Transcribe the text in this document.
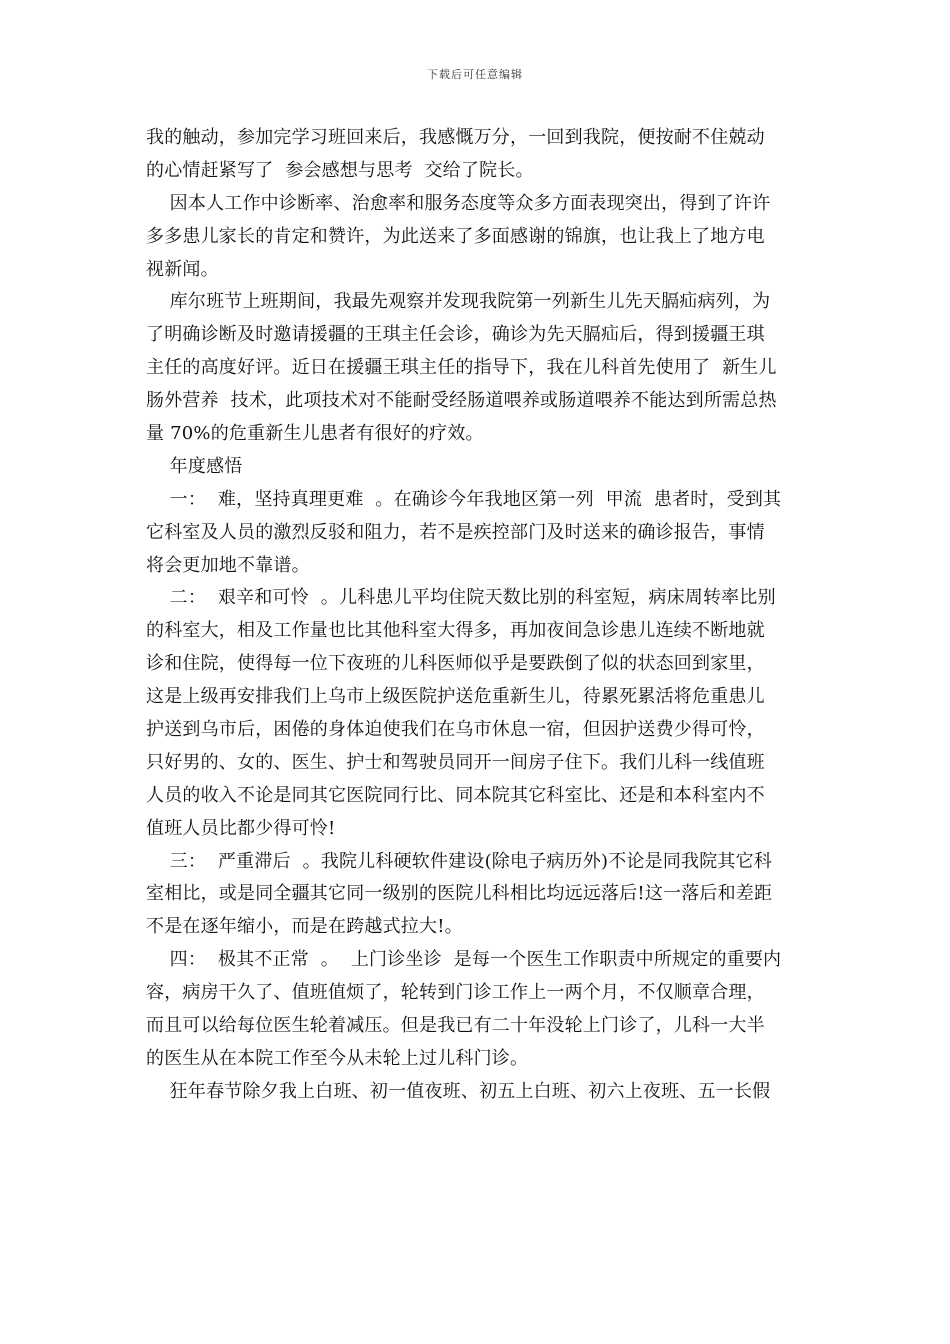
下载后可任意编辑
我的触动，参加完学习班回来后，我感慨万分，一回到我院，便按耐不住兢动
的心情赶紧写了  参会感想与思考  交给了院长。
因本人工作中诊断率、治愈率和服务态度等众多方面表现突出，得到了许许
多多患儿家长的肯定和赞许，为此送来了多面感谢的锦旗，也让我上了地方电
视新闻。
库尔班节上班期间，我最先观察并发现我院第一列新生儿先天膈疝病列，为
了明确诊断及时邀请援疆的王琪主任会诊，确诊为先天膈疝后，得到援疆王琪
主任的高度好评。近日在援疆王琪主任的指导下，我在儿科首先使用了  新生儿
肠外营养  技术，此项技术对不能耐受经肠道喂养或肠道喂养不能达到所需总热
量 70%的危重新生儿患者有很好的疗效。
年度感悟
一：  难，坚持真理更难  。在确诊今年我地区第一列  甲流  患者时，受到其
它科室及人员的激烈反驳和阻力，若不是疾控部门及时送来的确诊报告，事情
将会更加地不靠谱。
二：  艰辛和可怜  。儿科患儿平均住院天数比别的科室短，病床周转率比别
的科室大，相及工作量也比其他科室大得多，再加夜间急诊患儿连续不断地就
诊和住院，使得每一位下夜班的儿科医师似乎是要跌倒了似的状态回到家里，
这是上级再安排我们上乌市上级医院护送危重新生儿，待累死累活将危重患儿
护送到乌市后，困倦的身体迫使我们在乌市休息一宿，但因护送费少得可怜，
只好男的、女的、医生、护士和驾驶员同开一间房子住下。我们儿科一线值班
人员的收入不论是同其它医院同行比、同本院其它科室比、还是和本科室内不
值班人员比都少得可怜!
三：  严重滞后  。我院儿科硬软件建设(除电子病历外)不论是同我院其它科
室相比，或是同全疆其它同一级别的医院儿科相比均远远落后!这一落后和差距
不是在逐年缩小，而是在跨越式拉大!。
四：  极其不正常  。  上门诊坐诊  是每一个医生工作职责中所规定的重要内
容，病房干久了、值班值烦了，轮转到门诊工作上一两个月，不仅顺章合理，
而且可以给每位医生轮着减压。但是我已有二十年没轮上门诊了，儿科一大半
的医生从在本院工作至今从未轮上过儿科门诊。
狂年春节除夕我上白班、初一值夜班、初五上白班、初六上夜班、五一长假
